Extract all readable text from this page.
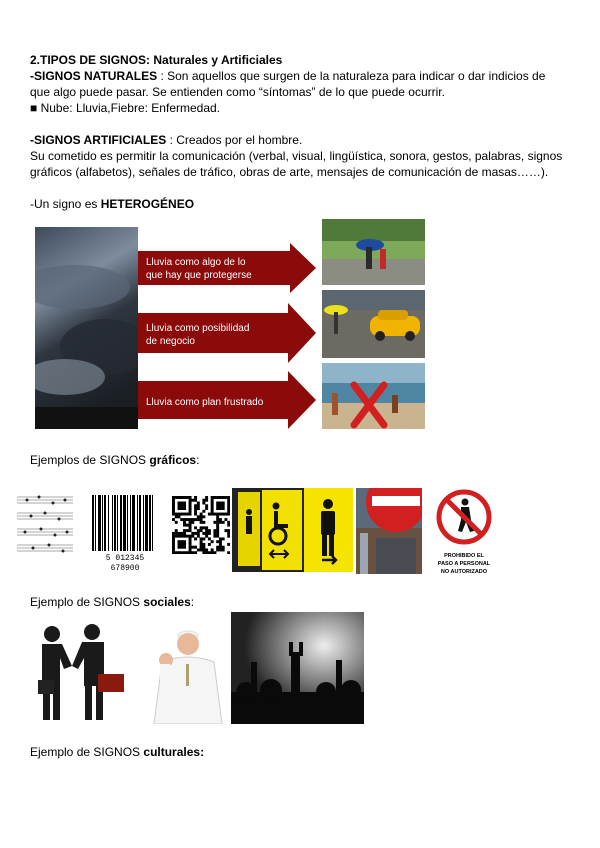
2.TIPOS DE SIGNOS: Naturales y Artificiales
-SIGNOS NATURALES : Son aquellos que surgen de la naturaleza para indicar o dar indicios de
que algo puede pasar. Se entienden como “síntomas” de lo que puede ocurrir.
■ Nube: Lluvia,Fiebre: Enfermedad.
-SIGNOS ARTIFICIALES : Creados por el hombre.
Su cometido es permitir la comunicación (verbal, visual, lingüística, sonora, gestos, palabras, signos
gráficos (alfabetos), señales de tráfico, obras de arte, mensajes de comunicación de masas……).
-Un signo es HETEROGÉNEO
Lluvia como algo de lo
que hay que protegerse
Lluvia como posibilidad
de negocio
Lluvia como plan frustrado
Ejemplos de SIGNOS gráficos:
5 012345 678900
PROHIBIDO EL
PASO A PERSONAL
NO AUTORIZADO
Ejemplo de SIGNOS sociales:
Ejemplo de SIGNOS culturales:
